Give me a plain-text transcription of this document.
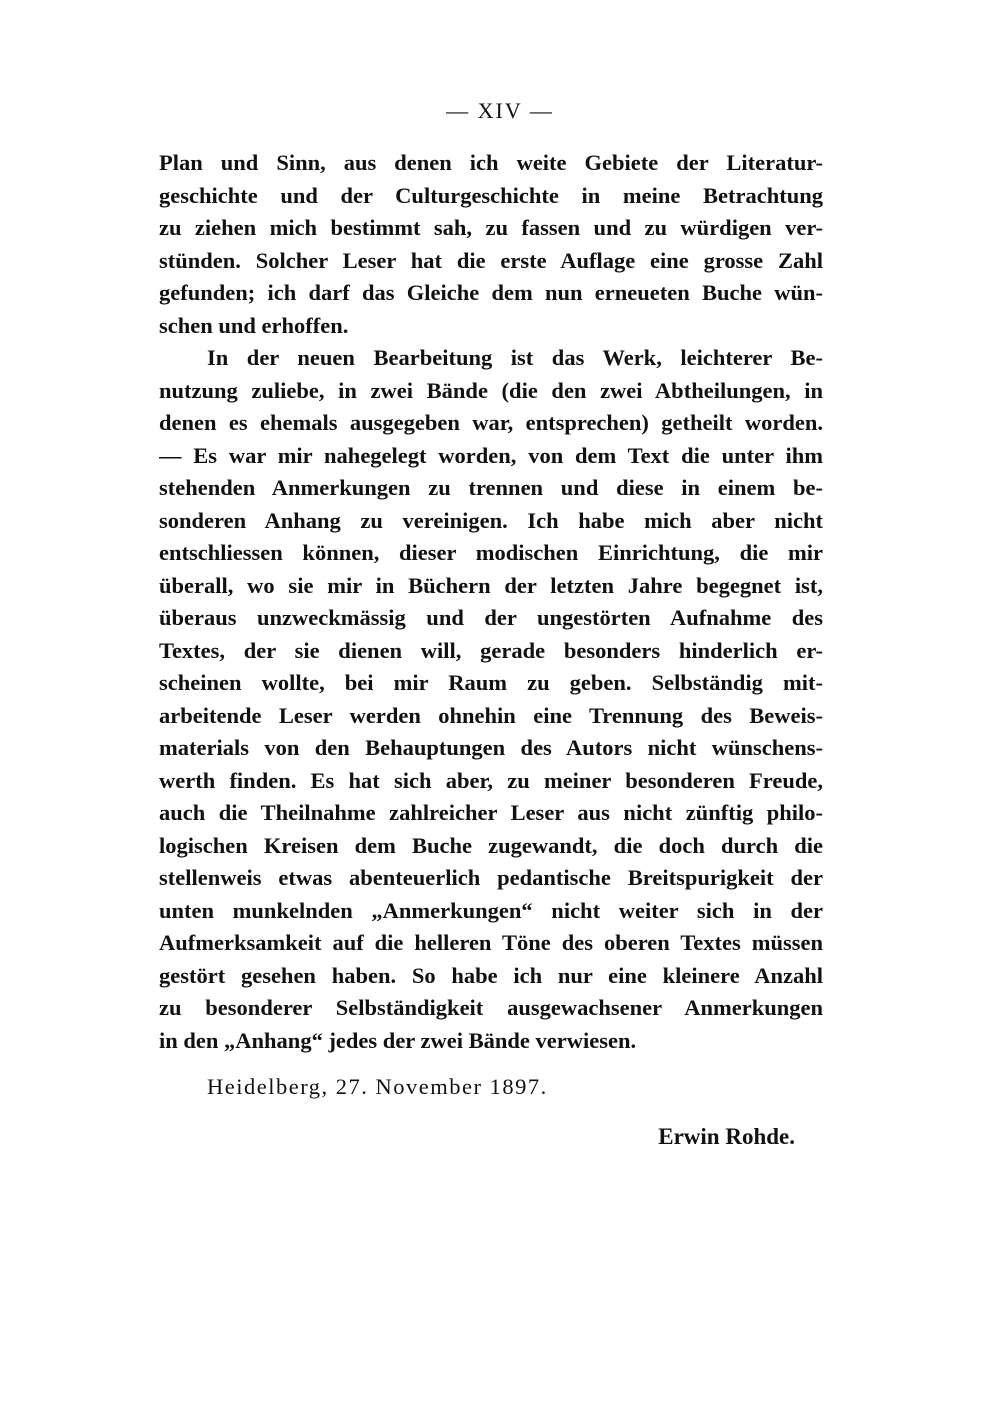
— XIV —
Plan und Sinn, aus denen ich weite Gebiete der Literatur-
geschichte und der Culturgeschichte in meine Betrachtung
zu ziehen mich bestimmt sah, zu fassen und zu würdigen ver-
stünden. Solcher Leser hat die erste Auflage eine grosse Zahl
gefunden; ich darf das Gleiche dem nun erneueten Buche wün-
schen und erhoffen.
In der neuen Bearbeitung ist das Werk, leichterer Be-
nutzung zuliebe, in zwei Bände (die den zwei Abtheilungen, in
denen es ehemals ausgegeben war, entsprechen) getheilt worden.
— Es war mir nahegelegt worden, von dem Text die unter ihm
stehenden Anmerkungen zu trennen und diese in einem be-
sonderen Anhang zu vereinigen. Ich habe mich aber nicht
entschliessen können, dieser modischen Einrichtung, die mir
überall, wo sie mir in Büchern der letzten Jahre begegnet ist,
überaus unzweckmässig und der ungestörten Aufnahme des
Textes, der sie dienen will, gerade besonders hinderlich er-
scheinen wollte, bei mir Raum zu geben. Selbständig mit-
arbeitende Leser werden ohnehin eine Trennung des Beweis-
materials von den Behauptungen des Autors nicht wünschens-
werth finden. Es hat sich aber, zu meiner besonderen Freude,
auch die Theilnahme zahlreicher Leser aus nicht zünftig philo-
logischen Kreisen dem Buche zugewandt, die doch durch die
stellenweis etwas abenteuerlich pedantische Breitspurigkeit der
unten munkelnden „Anmerkungen“ nicht weiter sich in der
Aufmerksamkeit auf die helleren Töne des oberen Textes müssen
gestört gesehen haben. So habe ich nur eine kleinere Anzahl
zu besonderer Selbständigkeit ausgewachsener Anmerkungen
in den „Anhang“ jedes der zwei Bände verwiesen.
Heidelberg, 27. November 1897.
Erwin Rohde.
